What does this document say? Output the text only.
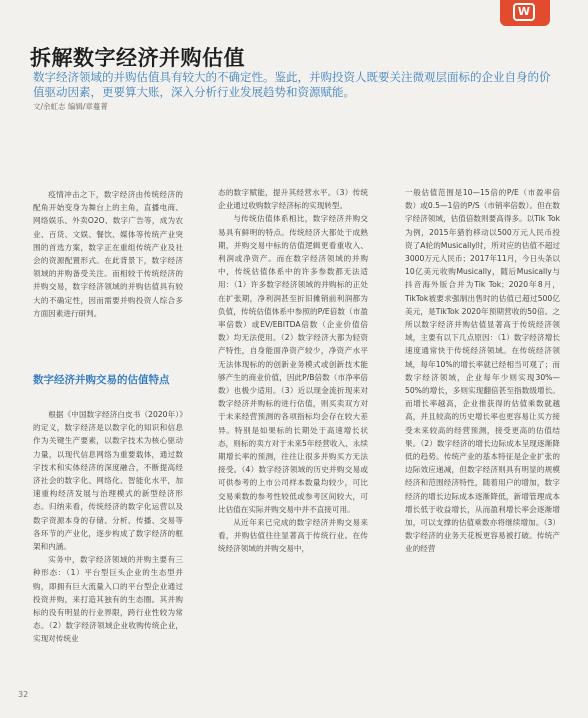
W
拆解数字经济并购估值
数字经济领域的并购估值具有较大的不确定性。鉴此，并购投资人既要关注微观层面标的企业自身的价值驱动因素，更要算大账，深入分析行业发展趋势和资源赋能。
文/余虹志 编辑/章蔓菁

疫情冲击之下，数字经济由传统经济的配角开始变身为舞台上的主角，直播电商、网络娱乐、外卖O2O、数字广告等，成为农业、百货、文娱、餐饮、媒体等传统产业突围的首选方案，数字正在重组传统产业及社会的资源配置形式。在此背景下，数字经济领域的并购备受关注。而相较于传统经济的并购交易，数字经济领域的并购估值具有较大的不确定性，因而需要并购投资人综合多方面因素进行研判。

数字经济并购交易的估值特点

根据《中国数字经济白皮书（2020年）》的定义，数字经济是以数字化的知识和信息作为关键生产要素，以数字技术为核心驱动力量，以现代信息网络为重要载体，通过数字技术和实体经济的深度融合，不断提高经济社会的数字化、网络化、智能化水平，加速重构经济发展与治理模式的新型经济形态。归纳来看，传统经济的数字化运营以及数字资源本身的存储、分析、传播、交易等各环节的产业化，逐步构成了数字经济的框架和内涵。

实务中，数字经济领域的并购主要有三种形态：（1）平台型巨头企业的生态型并购，即拥有巨大流量入口的平台型企业通过投资并购，来打造其独有的生态圈。其并购标的没有明显的行业界限，跨行业性较为常态。（2）数字经济领域企业收购传统企业，实现对传统业

态的数字赋能，提升其经营水平。（3）传统企业通过收购数字经济标的实现转型。

与传统估值体系相比，数字经济并购交易具有鲜明的特点。传统经济大都处于成熟期，并购交易中标的估值逻辑更看重收入、利润或净资产。而在数字经济领域的并购中，传统估值体系中的许多参数都无法适用：（1）许多数字经济领域的并购标的正处在扩张期，净利润甚至折旧摊销前利润都为负值，传统估值体系中参照的P/E倍数（市盈率倍数）或EV/EBITDA倍数（企业价值倍数）均无法使用。（2）数字经济大都为轻资产特性，自身能面净资产较少，净资产水平无法体现标的的创新业务模式或创新技术能够产生的商业价值，因此P/B倍数（市净率倍数）也极少适用。（3）近以现金流折现来对数字经济并购标的进行估值，则买卖双方对于未来经营预测的各项指标均会存在较大差异。特别是如果标的长期处于高速增长状态，则标的卖方对于未来5年经营收入、永续期增长率的预测，往往让很多并购买方无法接受。（4）数字经济领域的历史并购交易或可供参考的上市公司样本数量均较少，可比交易乘数的参考性较低或参考区间较大，可比估值在实际并购交易中并不直接可用。

从近年来已完成的数字经济并购交易来看，并购估值往往显著高于传统行业。在传统经济领域的并购交易中，

一般估值范围是10—15倍的P/E（市盈率倍数）或0.5—1倍的P/S（市销率倍数）。但在数字经济领域，估值倍数则要高得多。以Tik Tok为例，2015年猎豹移动以500万元人民币投资了A轮的Musically时，所对应的估值不超过3000万元人民币；2017年11月，今日头条以10亿美元收购Musically，随后Musically与抖音海外版合并为Tik Tok；2020年8月，TikTok被要求强制出售时的估值已超过500亿美元，是TikTok 2020年预期营收的50倍。之所以数字经济并购估值显著高于传统经济领域，主要有以下几点原因：（1）数字经济增长速度通常快于传统经济领域。在传统经济领域，每年10%的增长率就已经相当可观了；而数字经济领域，企业每年少则实现30%—50%的增长，多则实现翻倍甚至指数级增长。而增长率越高，企业推获得的估值乘数就越高，并且较高的历史增长率也更容易让买方接受未来较高的经营预测，接受更高的估值结果。（2）数字经济的增长边际成本呈现逐渐降低的趋势。传统产业的基本特征是企业扩张的边际效应递减，但数字经济则具有明显的规模经济和范围经济特性，随着用户的增加，数字经济的增长边际成本逐渐降低，新增管理成本增长低于收益增长，从而盈利增长率会逐渐增加，可以支撑的估值乘数亦将继续增加。（3）数字经济的业务天花板更容易被打破。传统产业的经营

32
